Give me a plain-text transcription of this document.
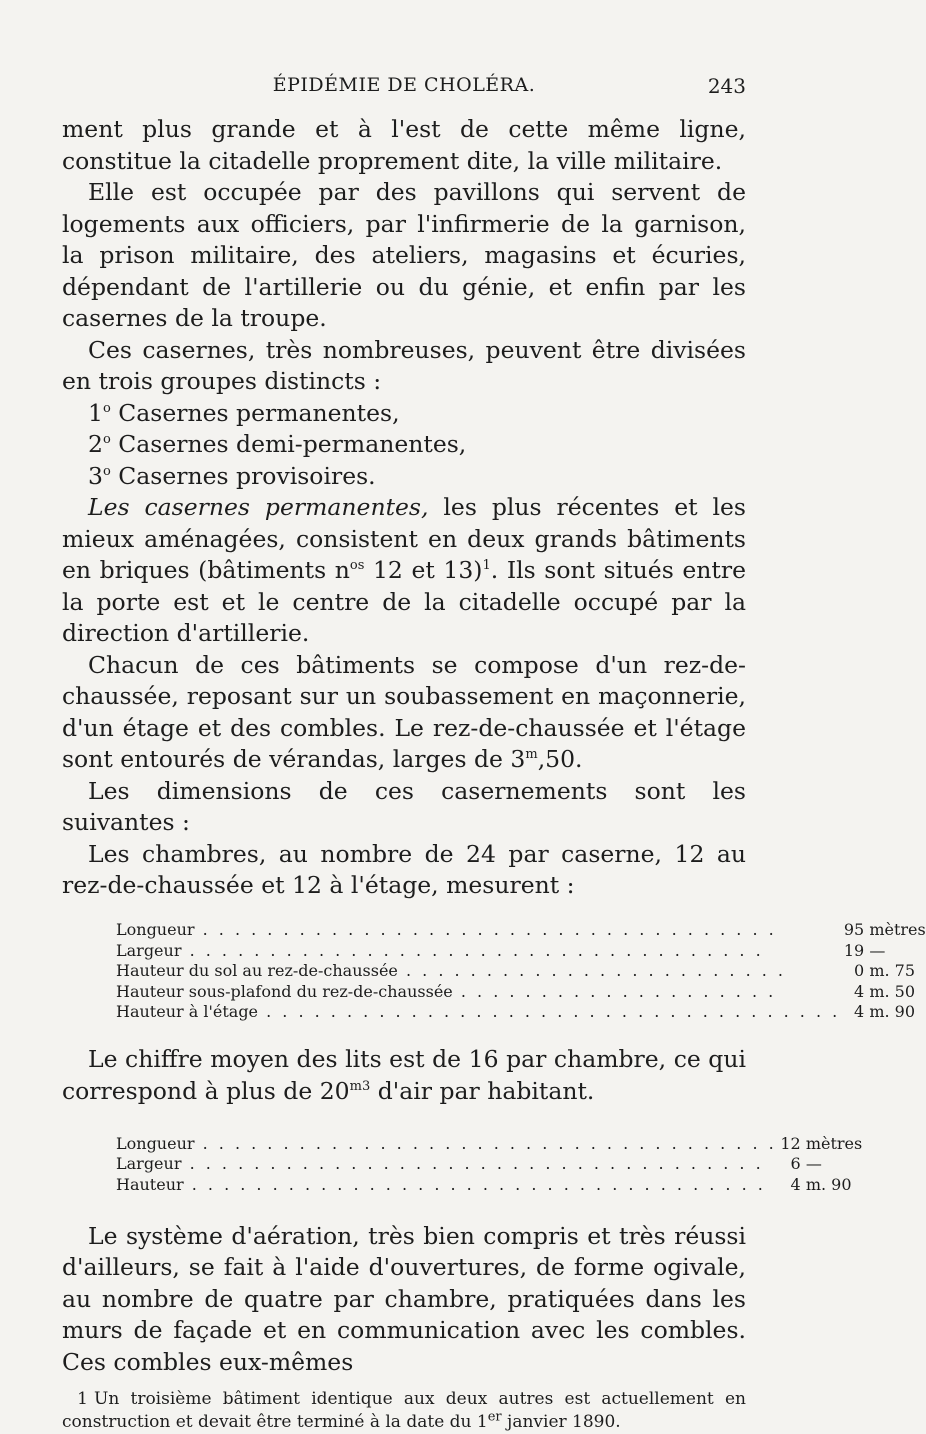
ÉPIDÉMIE DE CHOLÉRA.	243

ment plus grande et à l'est de cette même ligne, constitue la citadelle proprement dite, la ville militaire.

Elle est occupée par des pavillons qui servent de logements aux officiers, par l'infirmerie de la garnison, la prison militaire, des ateliers, magasins et écuries, dépendant de l'artillerie ou du génie, et enfin par les casernes de la troupe.

Ces casernes, très nombreuses, peuvent être divisées en trois groupes distincts :

1$^o$ Casernes permanentes,
2$^o$ Casernes demi-permanentes,
3$^o$ Casernes provisoires.

Les casernes permanentes, les plus récentes et les mieux aménagées, consistent en deux grands bâtiments en briques (bâtiments $n^{os}$ 12 et 13)$^1$. Ils sont situés entre la porte est et le centre de la citadelle occupé par la direction d'artillerie.

Chacun de ces bâtiments se compose d'un rez-de-chaussée, reposant sur un soubassement en maçonnerie, d'un étage et des combles. Le rez-de-chaussée et l'étage sont entourés de vérandas, larges de 3$^m$,50.

Les dimensions de ces casernements sont les suivantes :

Les chambres, au nombre de 24 par caserne, 12 au rez-de-chaussée et 12 à l'étage, mesurent :

Longueur . . . . . . . . . . . . . . . . . . . . . . . . . . . . . . . . . . . .	95 mètres
Largeur . . . . . . . . . . . . . . . . . . . . . . . . . . . . . . . . . . . .	19 —
Hauteur du sol au rez-de-chaussée . . . . . . . . . . . . . . . . . . . . . . . .	0 m. 75
Hauteur sous-plafond du rez-de-chaussée . . . . . . . . . . . . . . . . . . . .	4 m. 50
Hauteur à l'étage . . . . . . . . . . . . . . . . . . . . . . . . . . . . . . . . . . . .	4 m. 90

Le chiffre moyen des lits est de 16 par chambre, ce qui correspond à plus de $20^{m3}$ d'air par habitant.

Longueur . . . . . . . . . . . . . . . . . . . . . . . . . . . . . . . . . . . .	12 mètres
Largeur . . . . . . . . . . . . . . . . . . . . . . . . . . . . . . . . . . . .	6 —
Hauteur . . . . . . . . . . . . . . . . . . . . . . . . . . . . . . . . . . . .	4 m. 90

Le système d'aération, très bien compris et très réussi d'ailleurs, se fait à l'aide d'ouvertures, de forme ogivale, au nombre de quatre par chambre, pratiquées dans les murs de façade et en communication avec les combles. Ces combles eux-mêmes

1 Un troisième bâtiment identique aux deux autres est actuellement en construction et devait être terminé à la date du 1er janvier 1890.
